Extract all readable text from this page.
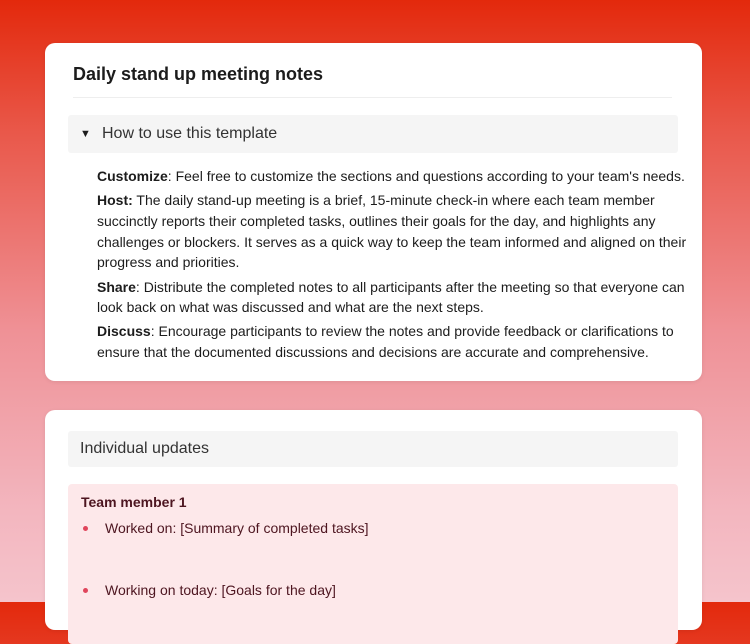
Daily stand up meeting notes
▼ How to use this template

Customize: Feel free to customize the sections and questions according to your team's needs.

Host: The daily stand-up meeting is a brief, 15-minute check-in where each team member succinctly reports their completed tasks, outlines their goals for the day, and highlights any challenges or blockers. It serves as a quick way to keep the team informed and aligned on their progress and priorities.

Share: Distribute the completed notes to all participants after the meeting so that everyone can look back on what was discussed and what are the next steps.

Discuss: Encourage participants to review the notes and provide feedback or clarifications to ensure that the documented discussions and decisions are accurate and comprehensive.

Individual updates
Team member 1
Worked on: [Summary of completed tasks]
Working on today: [Goals for the day]
